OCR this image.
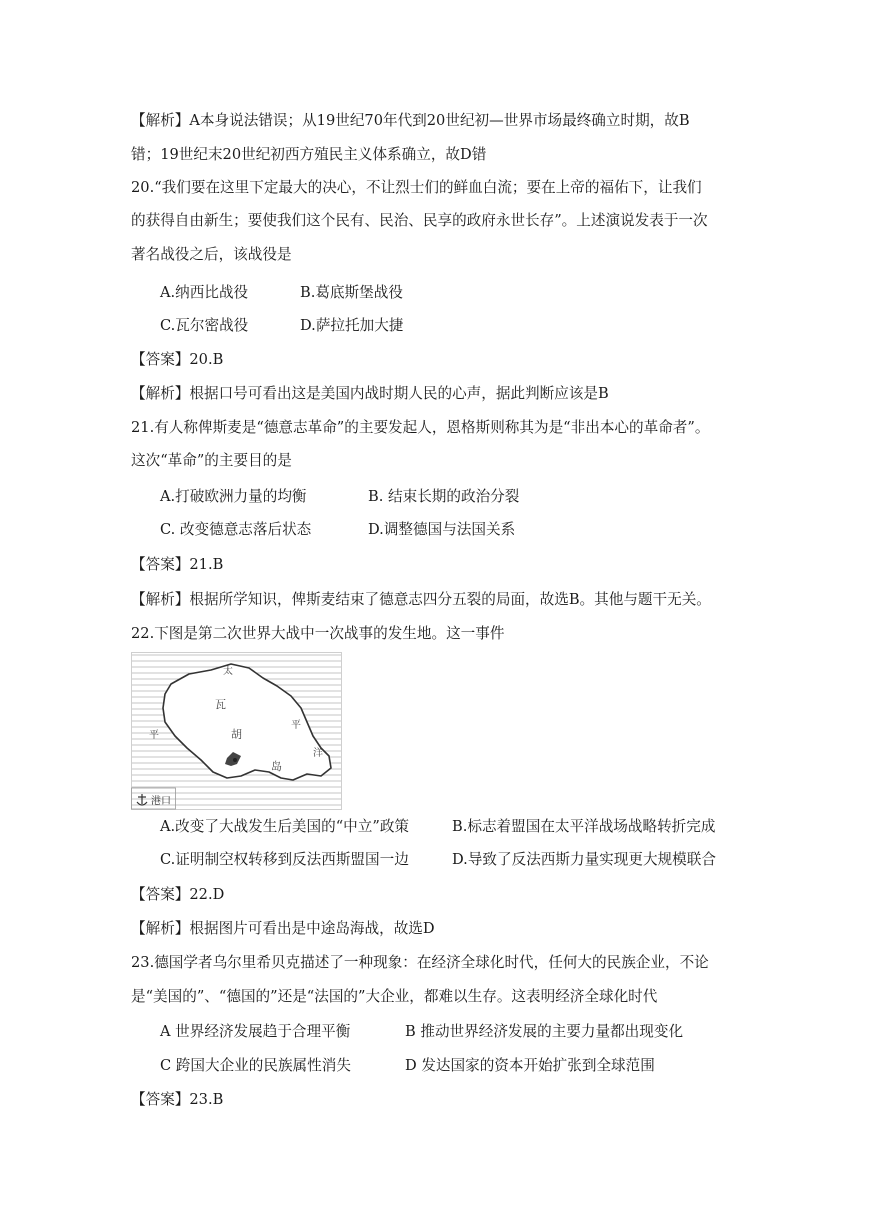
【解析】A本身说法错误；从19世纪70年代到20世纪初—世界市场最终确立时期，故B
错；19世纪末20世纪初西方殖民主义体系确立，故D错
20.“我们要在这里下定最大的决心，不让烈士们的鲜血白流；要在上帝的福佑下，让我们
的获得自由新生；要使我们这个民有、民治、民享的政府永世长存”。上述演说发表于一次
著名战役之后，该战役是
A.纳西比战役	B.葛底斯堡战役
C.瓦尔密战役	D.萨拉托加大捷
【答案】20.B
【解析】根据口号可看出这是美国内战时期人民的心声，据此判断应该是B
21.有人称俾斯麦是“德意志革命”的主要发起人，恩格斯则称其为是“非出本心的革命者”。
这次“革命”的主要目的是
A.打破欧洲力量的均衡	B. 结束长期的政治分裂
C. 改变德意志落后状态	D.调整德国与法国关系
【答案】21.B
【解析】根据所学知识，俾斯麦结束了德意志四分五裂的局面，故选B。其他与题干无关。
22.下图是第二次世界大战中一次战事的发生地。这一事件
港口
太
瓦
平
平	胡
洋
岛
A.改变了大战发生后美国的“中立”政策	B.标志着盟国在太平洋战场战略转折完成
C.证明制空权转移到反法西斯盟国一边	D.导致了反法西斯力量实现更大规模联合
【答案】22.D
【解析】根据图片可看出是中途岛海战，故选D
23.德国学者乌尔里希贝克描述了一种现象：在经济全球化时代，任何大的民族企业，不论
是“美国的”、“德国的”还是“法国的”大企业，都难以生存。这表明经济全球化时代
A 世界经济发展趋于合理平衡	B 推动世界经济发展的主要力量都出现变化
C 跨国大企业的民族属性消失	D 发达国家的资本开始扩张到全球范围
【答案】23.B
